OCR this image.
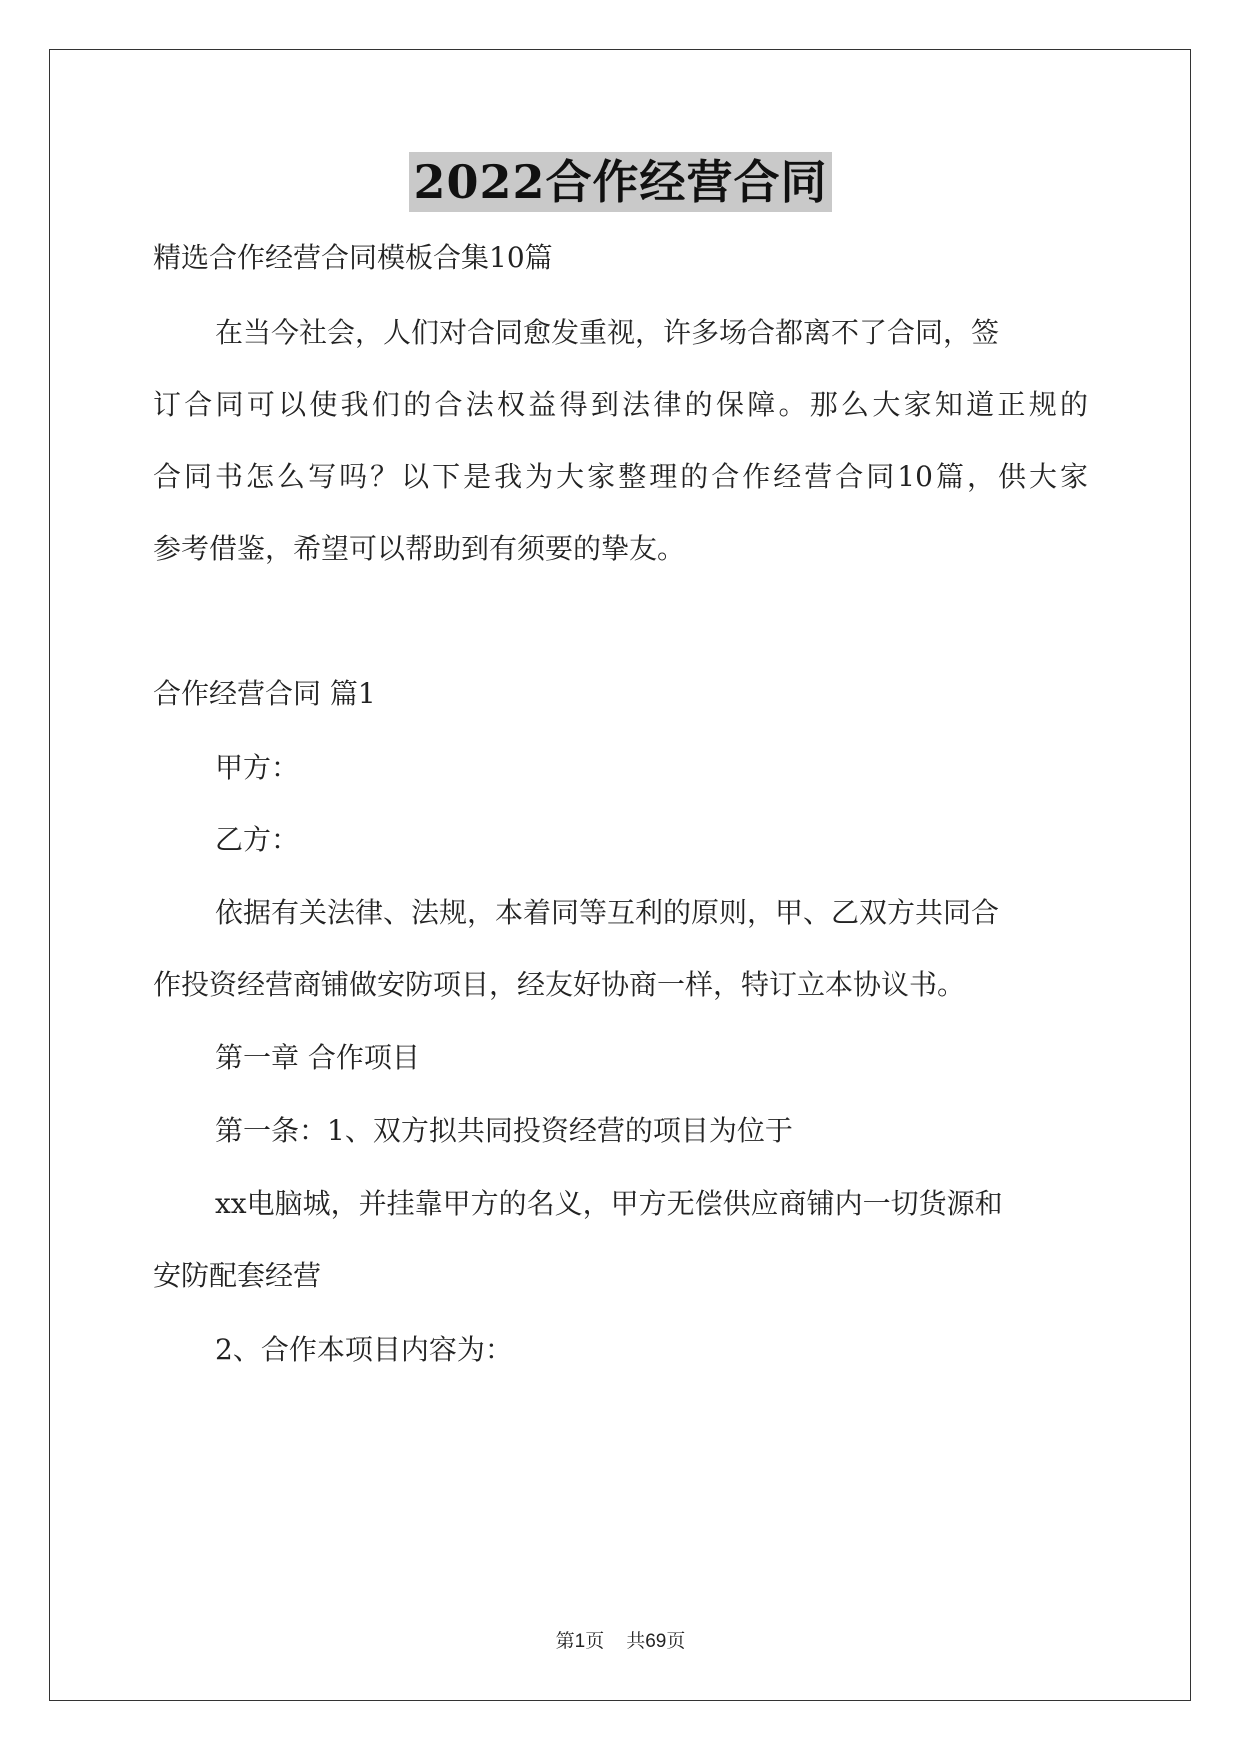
2022合作经营合同
精选合作经营合同模板合集10篇
在当今社会，人们对合同愈发重视，许多场合都离不了合同，签
订合同可以使我们的合法权益得到法律的保障。那么大家知道正规的
合同书怎么写吗？以下是我为大家整理的合作经营合同10篇，供大家
参考借鉴，希望可以帮助到有须要的挚友。
合作经营合同 篇1
甲方：
乙方：
依据有关法律、法规，本着同等互利的原则，甲、乙双方共同合
作投资经营商铺做安防项目，经友好协商一样，特订立本协议书。
第一章 合作项目
第一条：1、双方拟共同投资经营的项目为位于
xx电脑城，并挂靠甲方的名义，甲方无偿供应商铺内一切货源和
安防配套经营
2、合作本项目内容为：
第1页 共69页
